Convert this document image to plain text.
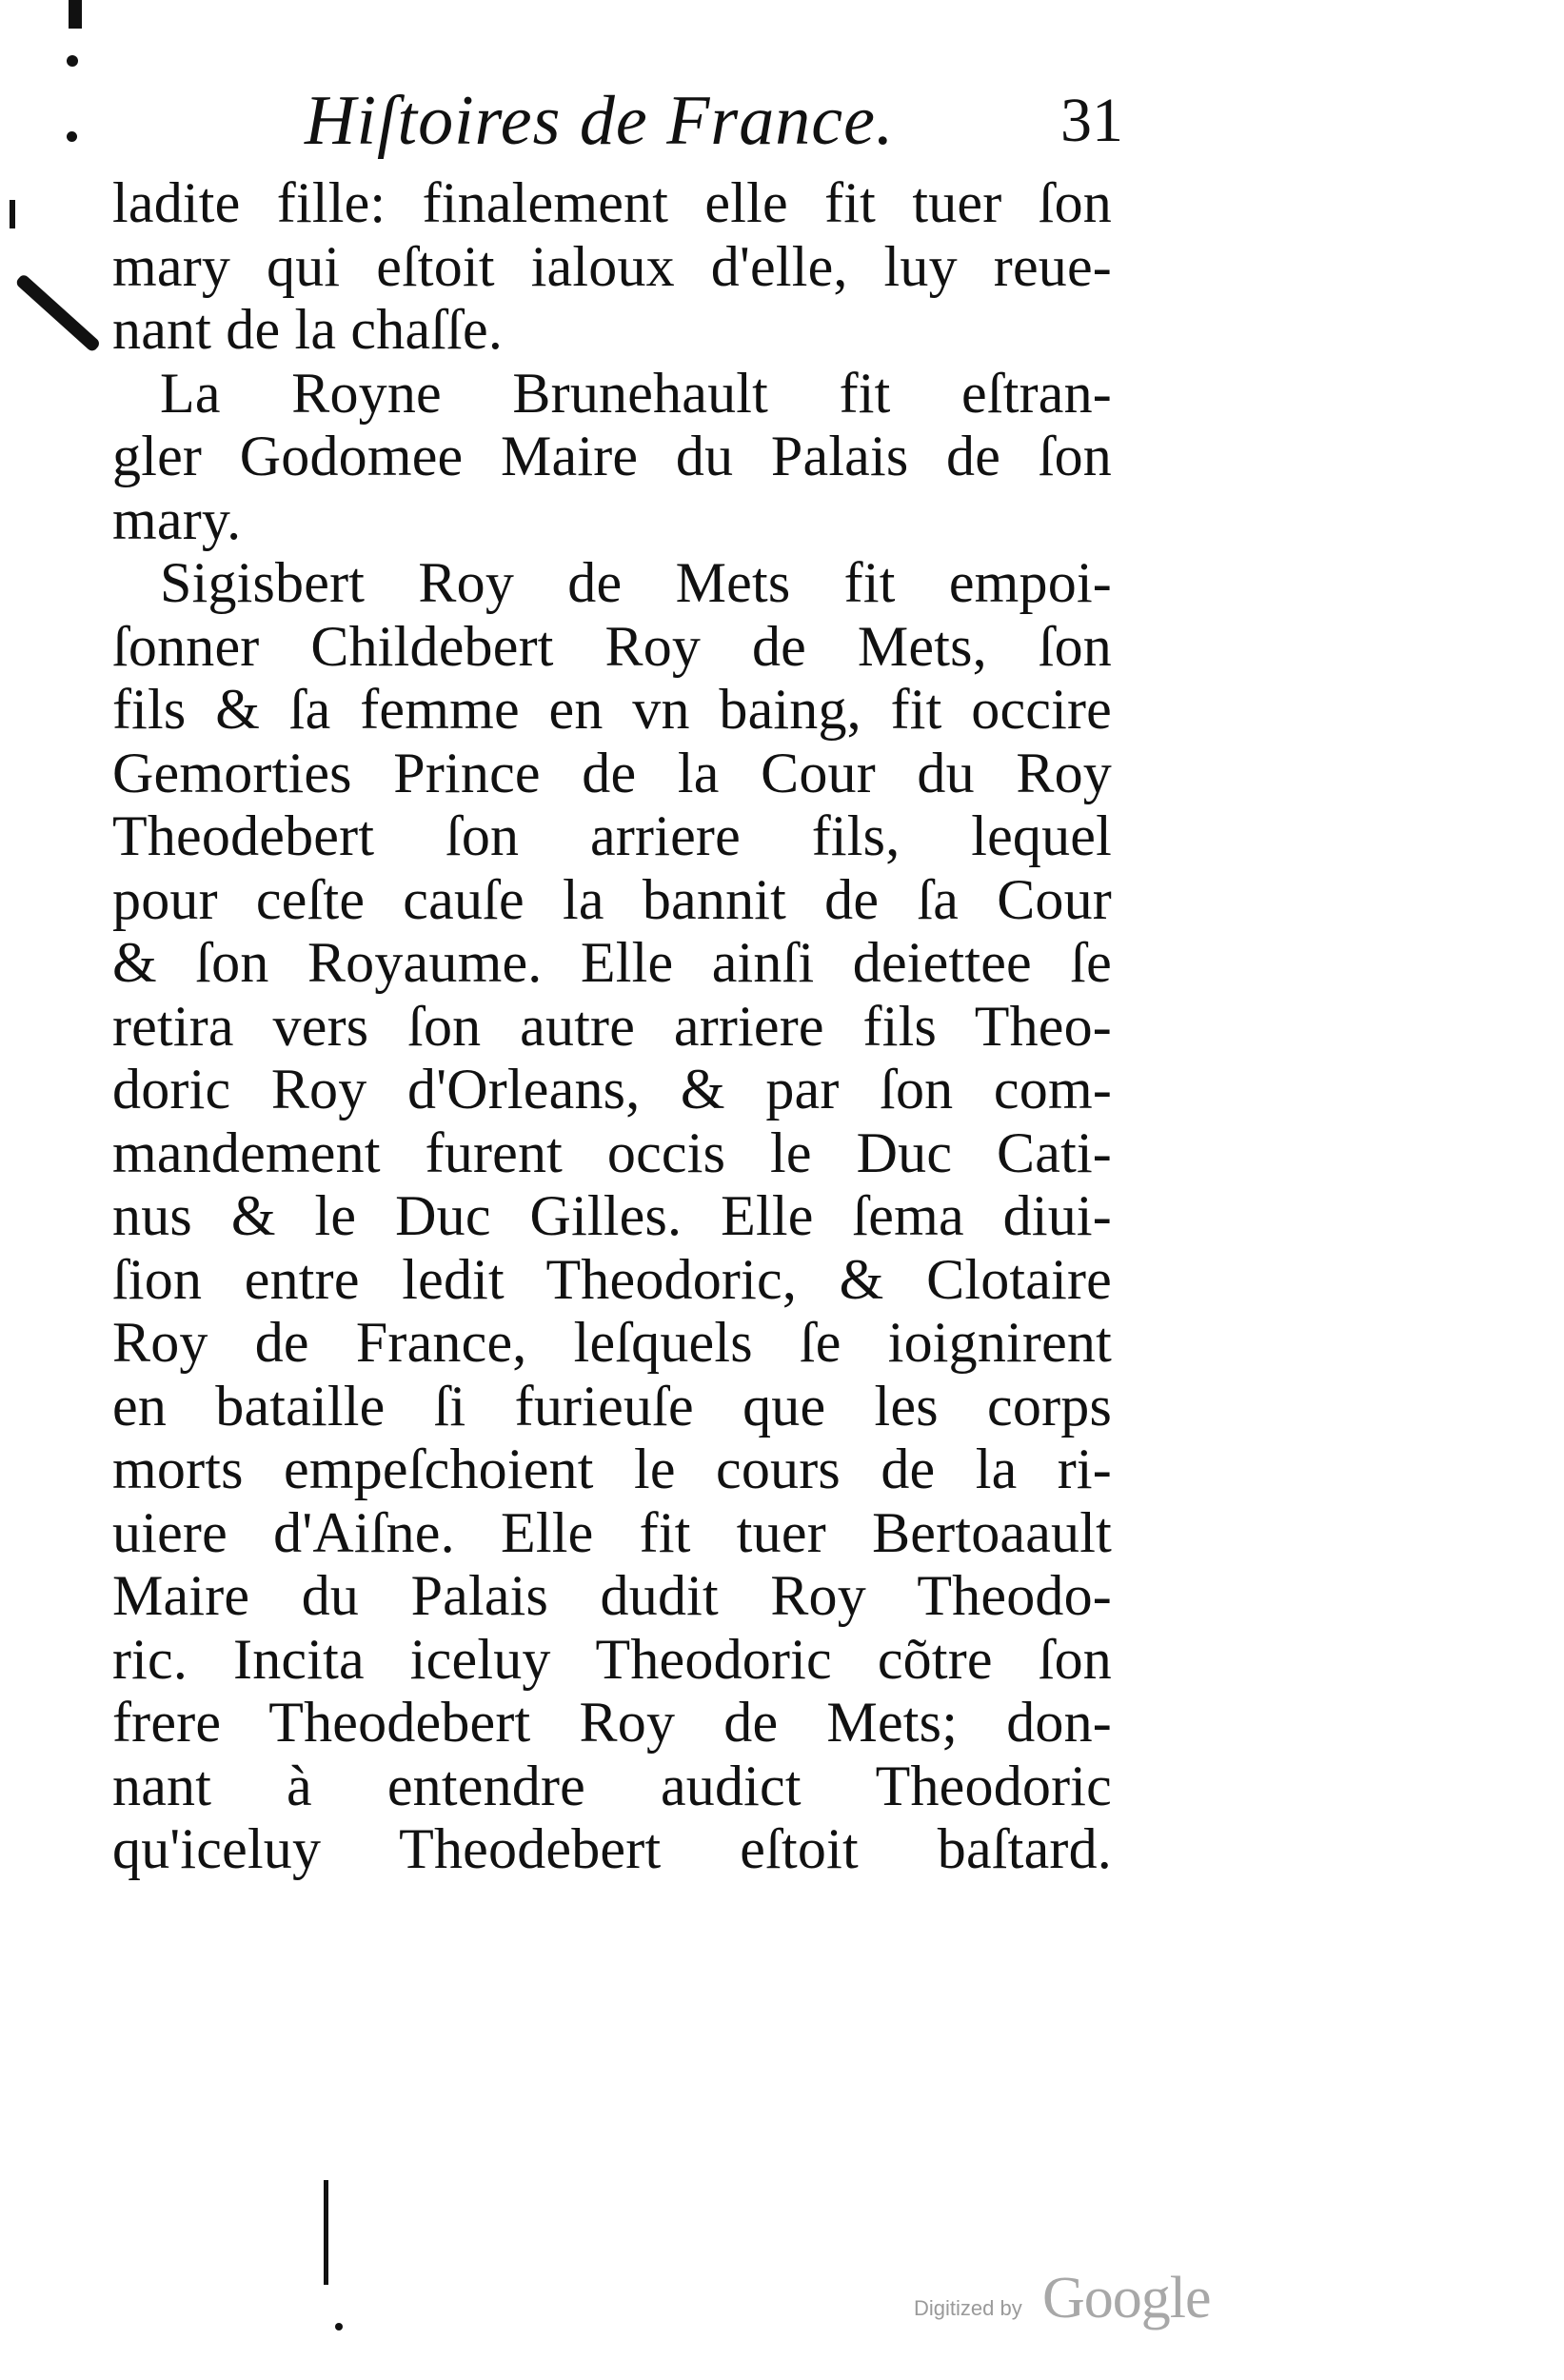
Hiſtoires de France.	31
ladite fille: finalement elle fit tuer ſon
mary qui eſtoit ialoux d'elle, luy reue-
nant de la chaſſe.
La Royne Brunehault fit eſtran-
gler Godomee Maire du Palais de ſon
mary.
Sigisbert Roy de Mets fit empoi-
ſonner Childebert Roy de Mets, ſon
fils & ſa femme en vn baing, fit occire
Gemorties Prince de la Cour du Roy
Theodebert ſon arriere fils, lequel
pour ceſte cauſe la bannit de ſa Cour
& ſon Royaume. Elle ainſi deiettee ſe
retira vers ſon autre arriere fils Theo-
doric Roy d'Orleans, & par ſon com-
mandement furent occis le Duc Cati-
nus & le Duc Gilles. Elle ſema diui-
ſion entre ledit Theodoric, & Clotaire
Roy de France, leſquels ſe ioignirent
en bataille ſi furieuſe que les corps
morts empeſchoient le cours de la ri-
uiere d'Aiſne. Elle fit tuer Bertoaault
Maire du Palais dudit Roy Theodo-
ric. Incita iceluy Theodoric cõtre ſon
frere Theodebert Roy de Mets; don-
nant à entendre audict Theodoric
qu'iceluy Theodebert eſtoit baſtard.
Digitized by Google
